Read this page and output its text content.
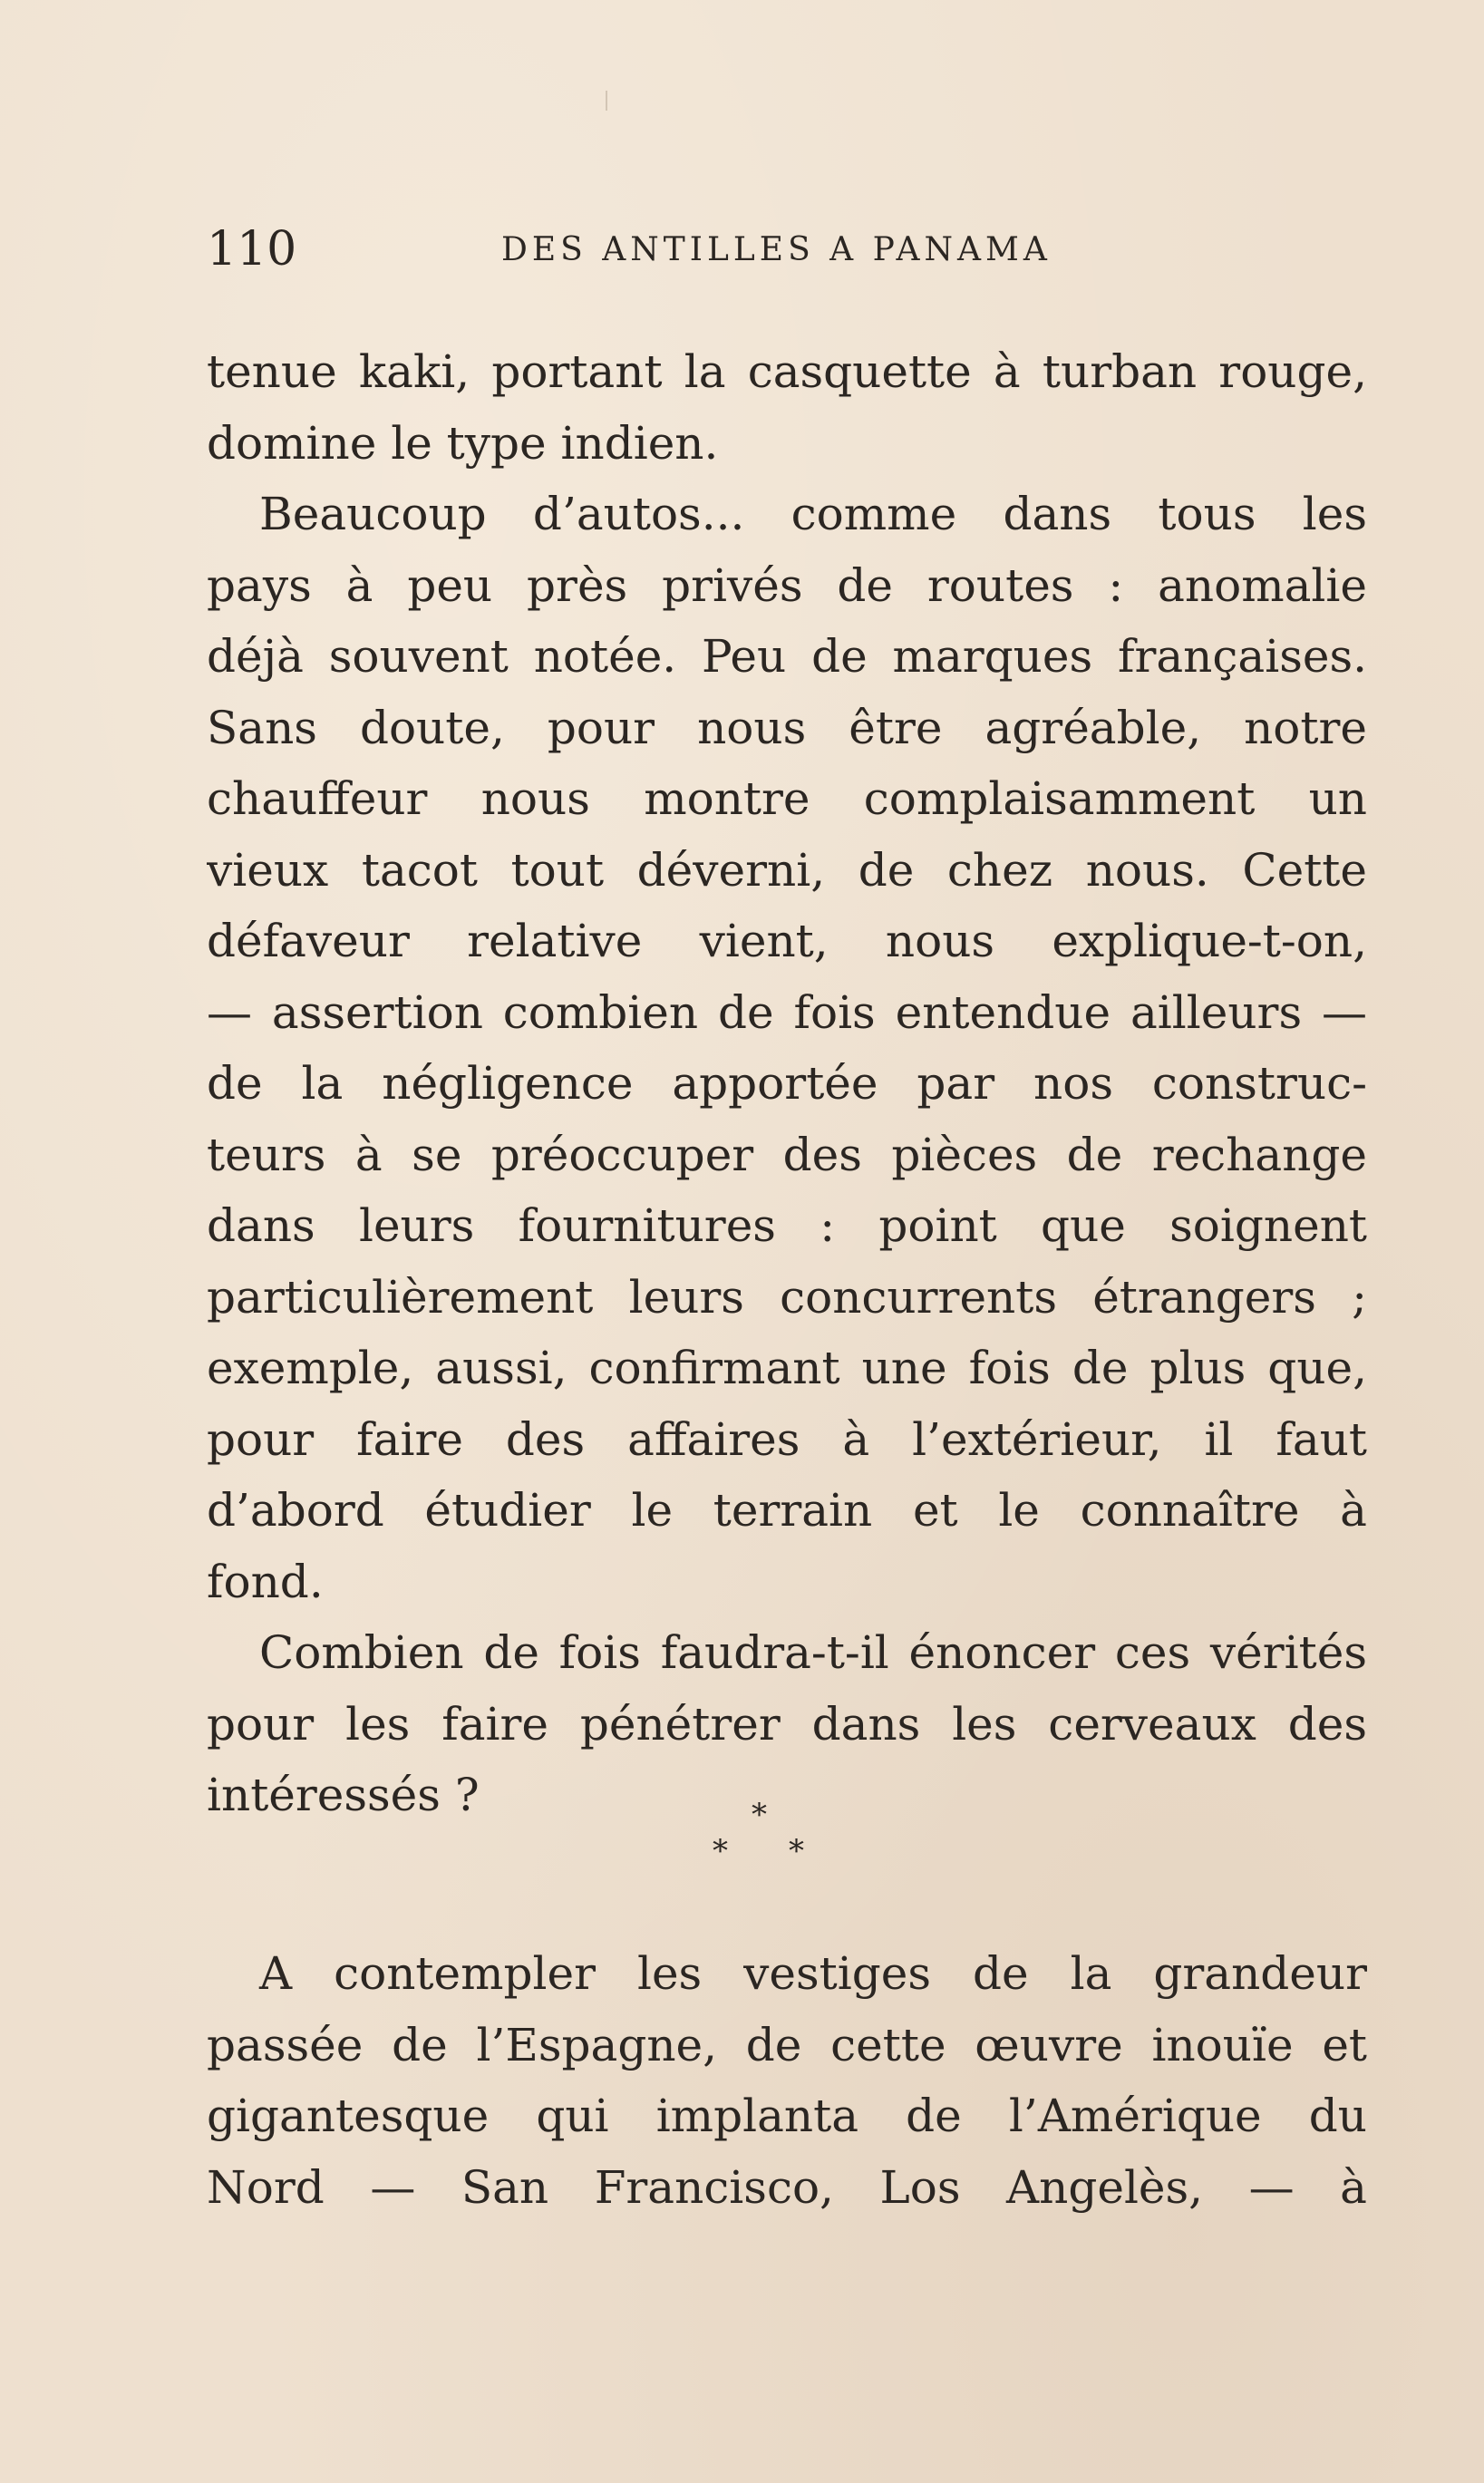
110	DES ANTILLES A PANAMA
tenue kaki, portant la casquette à turban rouge,
domine le type indien.
Beaucoup d’autos... comme dans tous les
pays à peu près privés de routes : anomalie
déjà souvent notée. Peu de marques françaises.
Sans doute, pour nous être agréable, notre
chauffeur nous montre complaisamment un
vieux tacot tout déverni, de chez nous. Cette
défaveur relative vient, nous explique-t-on,
— assertion combien de fois entendue ailleurs —
de la négligence apportée par nos construc-
teurs à se préoccuper des pièces de rechange
dans leurs fournitures : point que soignent
particulièrement leurs concurrents étrangers ;
exemple, aussi, confirmant une fois de plus que,
pour faire des affaires à l’extérieur, il faut
d’abord étudier le terrain et le connaître à
fond.
Combien de fois faudra-t-il énoncer ces vérités
pour les faire pénétrer dans les cerveaux des
intéressés ?	*
* *
A contempler les vestiges de la grandeur
passée de l’Espagne, de cette œuvre inouïe et
gigantesque qui implanta de l’Amérique du
Nord — San Francisco, Los Angelès, — à
